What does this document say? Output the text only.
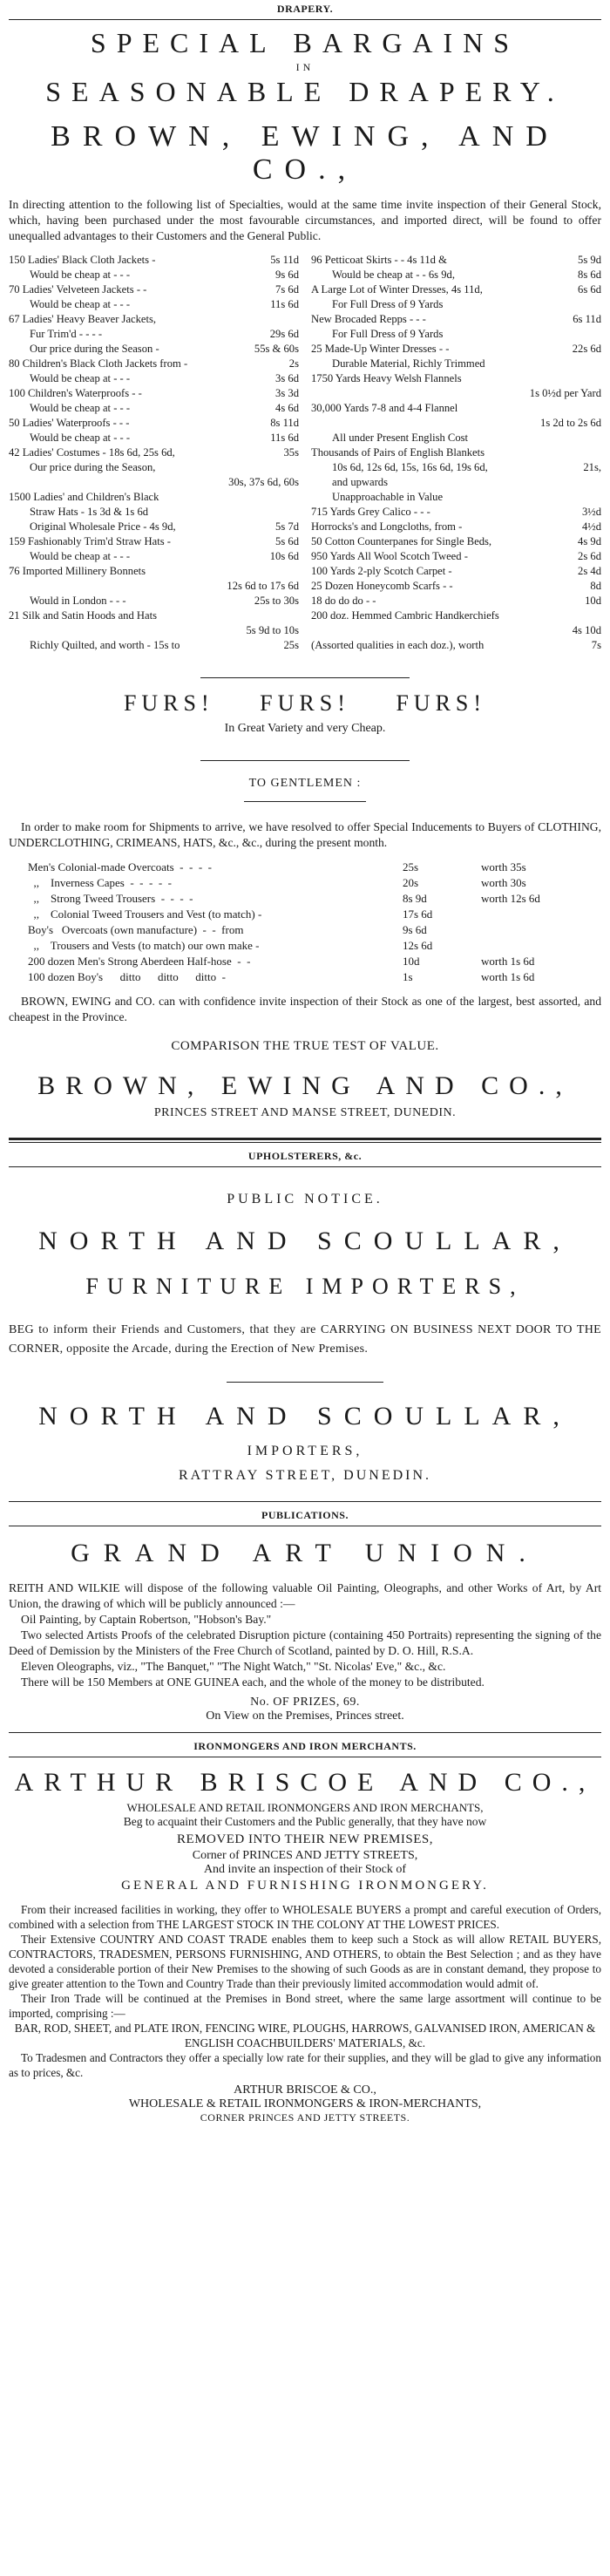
DRAPERY.
SPECIAL BARGAINS
IN
SEASONABLE DRAPERY.
BROWN, EWING, AND CO.,

In directing attention to the following list of Specialties, would at the same time invite inspection of their General Stock, which, having been purchased under the most favourable circumstances, and imported direct, will be found to offer unequalled advantages to their Customers and the General Public.

150 Ladies' Black Cloth Jackets -	5s 11d
Would be cheap at - - -	9s 6d
70 Ladies' Velveteen Jackets - -	7s 6d
Would be cheap at - - -	11s 6d
67 Ladies' Heavy Beaver Jackets,
Fur Trim'd - - - -	29s 6d
Our price during the Season -	55s & 60s
80 Children's Black Cloth Jackets from -	2s
Would be cheap at - - -	3s 6d
100 Children's Waterproofs - -	3s 3d
Would be cheap at - - -	4s 6d
50 Ladies' Waterproofs - - -	8s 11d
Would be cheap at - - -	11s 6d
42 Ladies' Costumes - 18s 6d, 25s 6d,	35s
Our price during the Season,
30s, 37s 6d, 60s
1500 Ladies' and Children's Black
Straw Hats - 1s 3d & 1s 6d
Original Wholesale Price - 4s 9d,	5s 7d
159 Fashionably Trim'd Straw Hats -	5s 6d
Would be cheap at - - -	10s 6d
76 Imported Millinery Bonnets
12s 6d to 17s 6d
Would in London - - -	25s to 30s
21 Silk and Satin Hoods and Hats
5s 9d to 10s
Richly Quilted, and worth - 15s to	25s
96 Petticoat Skirts - - 4s 11d &	5s 9d
Would be cheap at - - 6s 9d,	8s 6d
A Large Lot of Winter Dresses, 4s 11d,	6s 6d
For Full Dress of 9 Yards
New Brocaded Repps - - -	6s 11d
For Full Dress of 9 Yards
25 Made-Up Winter Dresses - -	22s 6d
Durable Material, Richly Trimmed
1750 Yards Heavy Welsh Flannels
1s 0½d per Yard
30,000 Yards 7-8 and 4-4 Flannel
1s 2d to 2s 6d
All under Present English Cost
Thousands of Pairs of English Blankets
10s 6d, 12s 6d, 15s, 16s 6d, 19s 6d,	21s,
and upwards
Unapproachable in Value
715 Yards Grey Calico - - -	3½d
Horrocks's and Longcloths, from -	4½d
50 Cotton Counterpanes for Single Beds,	4s 9d
950 Yards All Wool Scotch Tweed -	2s 6d
100 Yards 2-ply Scotch Carpet -	2s 4d
25 Dozen Honeycomb Scarfs - -	8d
18 do do do - -	10d
200 doz. Hemmed Cambric Handkerchiefs
4s 10d
(Assorted qualities in each doz.), worth	7s
FURS! FURS! FURS!
In Great Variety and very Cheap.
TO GENTLEMEN :

In order to make room for Shipments to arrive, we have resolved to offer Special Inducements to Buyers of CLOTHING, UNDERCLOTHING, CRIMEANS, HATS, &c., &c., during the present month.

Men's Colonial-made Overcoats  -  -  -  -	25s	worth 35s
,,    Inverness Capes  -  -  -  -  -	20s	worth 30s
,,    Strong Tweed Trousers  -  -  -  -	8s 9d	worth 12s 6d
,,    Colonial Tweed Trousers and Vest (to match) -	17s 6d
Boy's   Overcoats (own manufacture)  -  -  from	9s 6d
,,    Trousers and Vests (to match) our own make -	12s 6d
200 dozen Men's Strong Aberdeen Half-hose  -  -	10d	worth 1s 6d
100 dozen Boy's      ditto      ditto      ditto  -	1s	worth 1s 6d

BROWN, EWING and CO. can with confidence invite inspection of their Stock as one of the largest, best assorted, and cheapest in the Province.

COMPARISON THE TRUE TEST OF VALUE.
BROWN, EWING AND CO.,
PRINCES STREET AND MANSE STREET, DUNEDIN.
UPHOLSTERERS, &c.
PUBLIC NOTICE.
NORTH AND SCOULLAR,
FURNITURE IMPORTERS,

BEG to inform their Friends and Customers, that they are CARRYING ON BUSINESS NEXT DOOR TO THE CORNER, opposite the Arcade, during the Erection of New Premises.

NORTH AND SCOULLAR,
IMPORTERS,
RATTRAY STREET, DUNEDIN.
PUBLICATIONS.
GRAND ART UNION.

REITH AND WILKIE will dispose of the following valuable Oil Painting, Oleographs, and other Works of Art, by Art Union, the drawing of which will be publicly announced :—

Oil Painting, by Captain Robertson, "Hobson's Bay."

Two selected Artists Proofs of the celebrated Disruption picture (containing 450 Portraits) representing the signing of the Deed of Demission by the Ministers of the Free Church of Scotland, painted by D. O. Hill, R.S.A.

Eleven Oleographs, viz., "The Banquet," "The Night Watch," "St. Nicolas' Eve," &c., &c.

There will be 150 Members at ONE GUINEA each, and the whole of the money to be distributed.

No. OF PRIZES, 69.
On View on the Premises, Princes street.
IRONMONGERS AND IRON MERCHANTS.
ARTHUR BRISCOE AND CO.,
WHOLESALE AND RETAIL IRONMONGERS AND IRON MERCHANTS,
Beg to acquaint their Customers and the Public generally, that they have now
REMOVED INTO THEIR NEW PREMISES,
Corner of PRINCES AND JETTY STREETS,
And invite an inspection of their Stock of
GENERAL AND FURNISHING IRONMONGERY.

From their increased facilities in working, they offer to WHOLESALE BUYERS a prompt and careful execution of Orders, combined with a selection from THE LARGEST STOCK IN THE COLONY AT THE LOWEST PRICES.

Their Extensive COUNTRY AND COAST TRADE enables them to keep such a Stock as will allow RETAIL BUYERS, CONTRACTORS, TRADESMEN, PERSONS FURNISHING, AND OTHERS, to obtain the Best Selection ; and as they have devoted a considerable portion of their New Premises to the showing of such Goods as are in constant demand, they propose to give greater attention to the Town and Country Trade than their previously limited accommodation would admit of.

Their Iron Trade will be continued at the Premises in Bond street, where the same large assortment will continue to be imported, comprising :—

BAR, ROD, SHEET, and PLATE IRON, FENCING WIRE, PLOUGHS, HARROWS, GALVANISED IRON, AMERICAN & ENGLISH COACHBUILDERS' MATERIALS, &c.

To Tradesmen and Contractors they offer a specially low rate for their supplies, and they will be glad to give any information as to prices, &c.

ARTHUR BRISCOE & CO.,
WHOLESALE & RETAIL IRONMONGERS & IRON-MERCHANTS,
CORNER PRINCES AND JETTY STREETS.
